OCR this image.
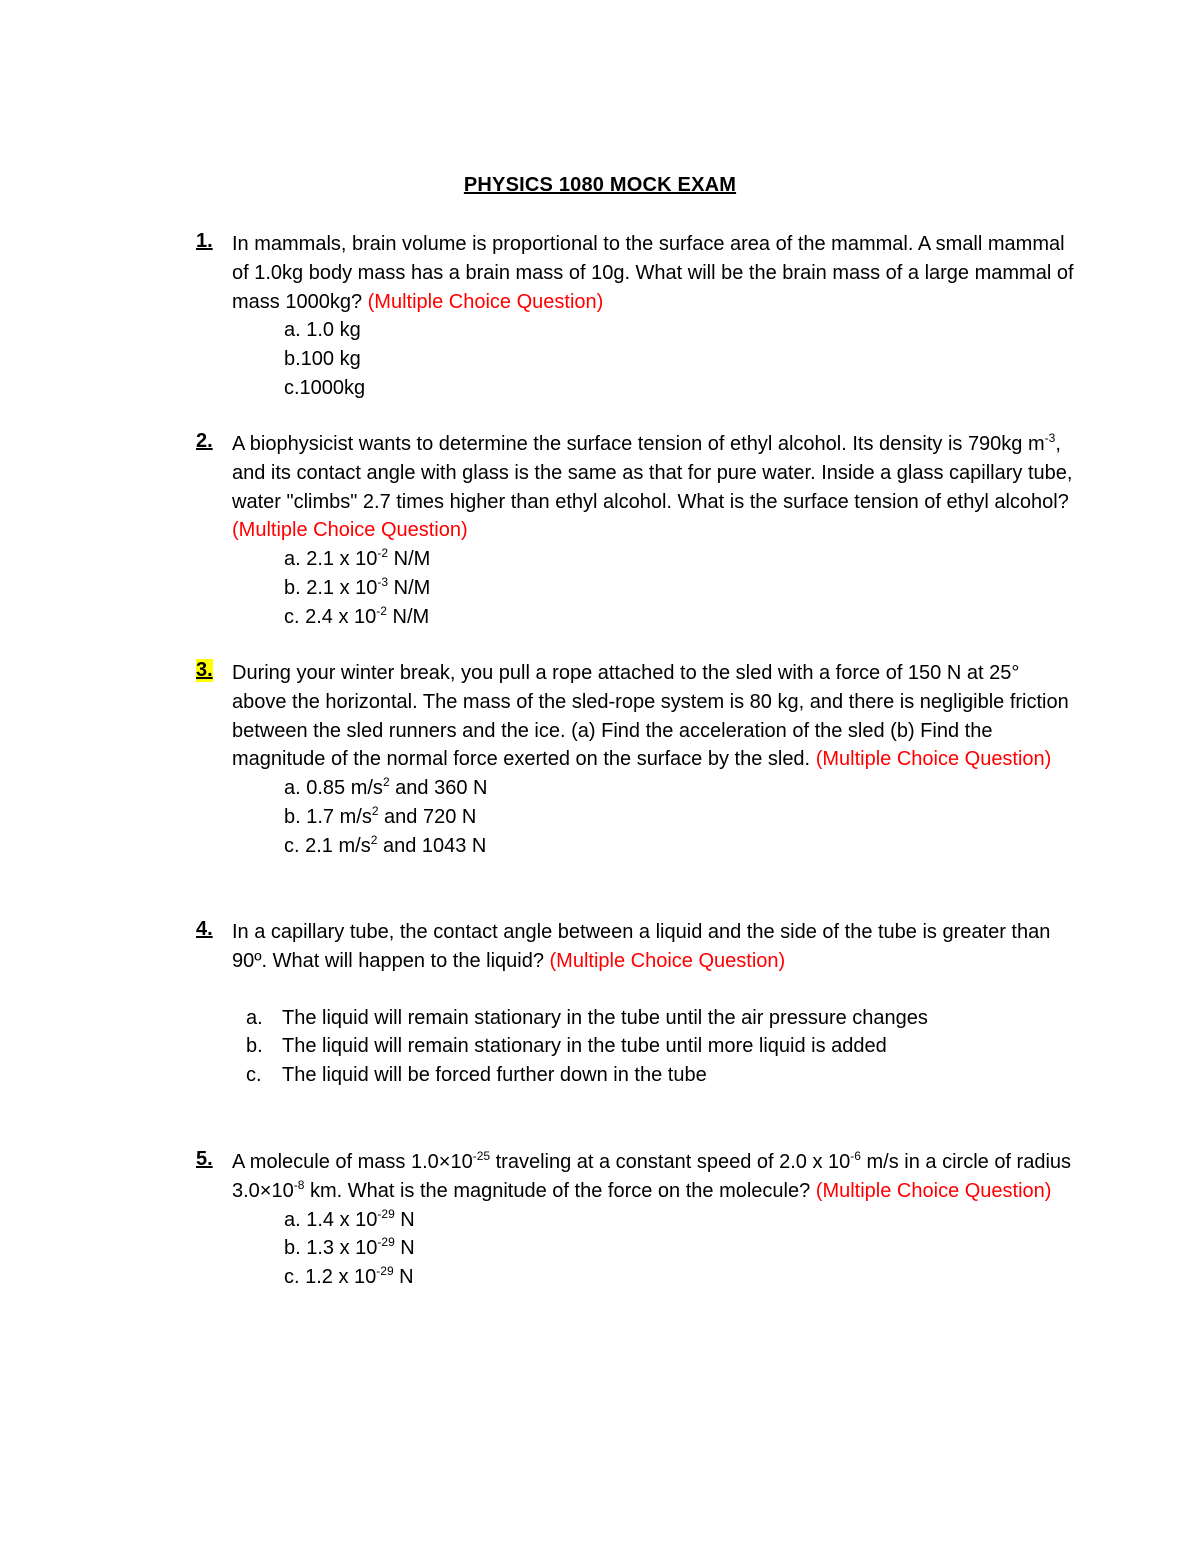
PHYSICS 1080 MOCK EXAM
1. In mammals, brain volume is proportional to the surface area of the mammal. A small mammal of 1.0kg body mass has a brain mass of 10g. What will be the brain mass of a large mammal of mass 1000kg? (Multiple Choice Question)
a. 1.0 kg
b.100 kg
c.1000kg
2. A biophysicist wants to determine the surface tension of ethyl alcohol. Its density is 790kg $m^{-3}$, and its contact angle with glass is the same as that for pure water. Inside a glass capillary tube, water "climbs" 2.7 times higher than ethyl alcohol. What is the surface tension of ethyl alcohol? (Multiple Choice Question)
a. 2.1 x $10^{-2}$ N/M
b. 2.1 x $10^{-3}$ N/M
c. 2.4 x $10^{-2}$ N/M
3. During your winter break, you pull a rope attached to the sled with a force of 150 N at 25° above the horizontal. The mass of the sled-rope system is 80 kg, and there is negligible friction between the sled runners and the ice. (a) Find the acceleration of the sled (b) Find the magnitude of the normal force exerted on the surface by the sled. (Multiple Choice Question)
a. 0.85 $m/s^2$ and 360 N
b. 1.7 $m/s^2$ and 720 N
c. 2.1 $m/s^2$ and 1043 N
4. In a capillary tube, the contact angle between a liquid and the side of the tube is greater than 90º. What will happen to the liquid? (Multiple Choice Question)
a. The liquid will remain stationary in the tube until the air pressure changes
b. The liquid will remain stationary in the tube until more liquid is added
c. The liquid will be forced further down in the tube
5. A molecule of mass $1.0\times 10^{-25}$ traveling at a constant speed of 2.0 x $10^{-6}$ m/s in a circle of radius $3.0\times 10^{-8}$ km. What is the magnitude of the force on the molecule? (Multiple Choice Question)
a. 1.4 x $10^{-29}$ N
b. 1.3 x $10^{-29}$ N
c. 1.2 x $10^{-29}$ N
